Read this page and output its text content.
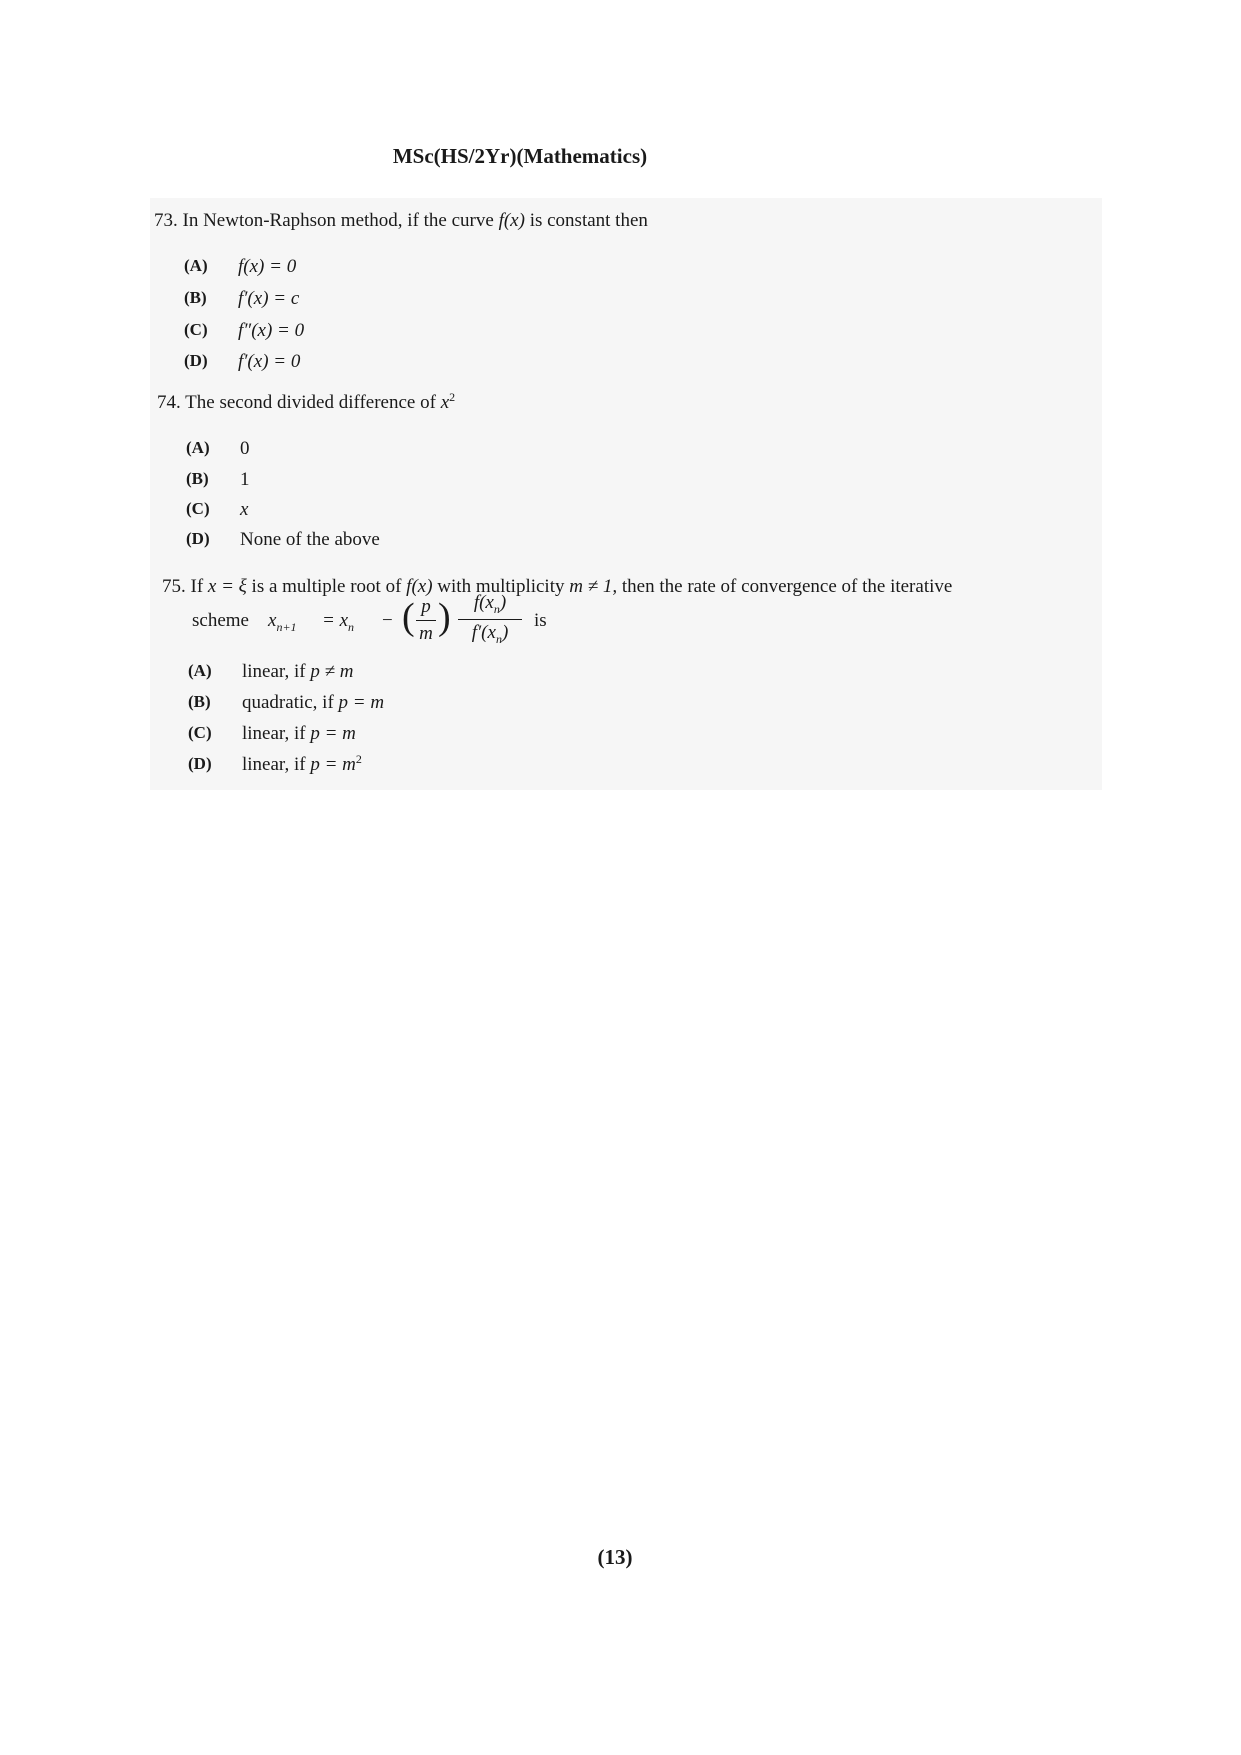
MSc(HS/2Yr)(Mathematics)
73. In Newton-Raphson method, if the curve f(x) is constant then
(A) f(x) = 0
(B) f′(x) = c
(C) f″(x) = 0
(D) f′(x) = 0
74. The second divided difference of $x^2$
(A) 0
(B) 1
(C) x
(D) None of the above
75. If x = ξ is a multiple root of f(x) with multiplicity m ≠ 1, then the rate of convergence of the iterative
scheme $x_{n+1} = x_n$ − ( p
m )	$f(x_n)$
$f'(x_n)$
is
(A) linear, if p ≠ m
(B) quadratic, if p = m
(C) linear, if p = m
(D) linear, if $p = m^2$
(13)
